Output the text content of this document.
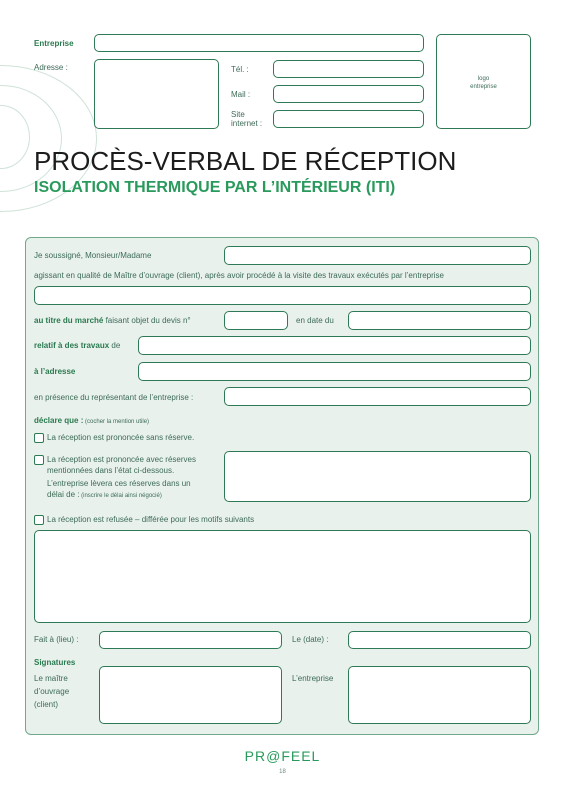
Entreprise
Adresse :	Tél. :
Mail :
Site
internet :
logo
entreprise
PROCÈS-VERBAL DE RÉCEPTION
ISOLATION THERMIQUE PAR L’INTÉRIEUR (ITI)
Je soussigné, Monsieur/Madame
agissant en qualité de Maître d’ouvrage (client), après avoir procédé à la visite des travaux exécutés par l’entreprise
au titre du marché faisant objet du devis n°	en date du
relatif à des travaux de
à l’adresse
en présence du représentant de l’entreprise :
déclare que : (cocher la mention utile)
La réception est prononcée sans réserve.
La réception est prononcée avec réserves
mentionnées dans l’état ci-dessous.
L’entreprise lèvera ces réserves dans un
délai de : (inscrire le délai ainsi négocié)
La réception est refusée – différée pour les motifs suivants
Fait à (lieu) :	Le (date) :
Signatures
Le maître
d’ouvrage
(client)
L’entreprise
PR@FEEL
18
